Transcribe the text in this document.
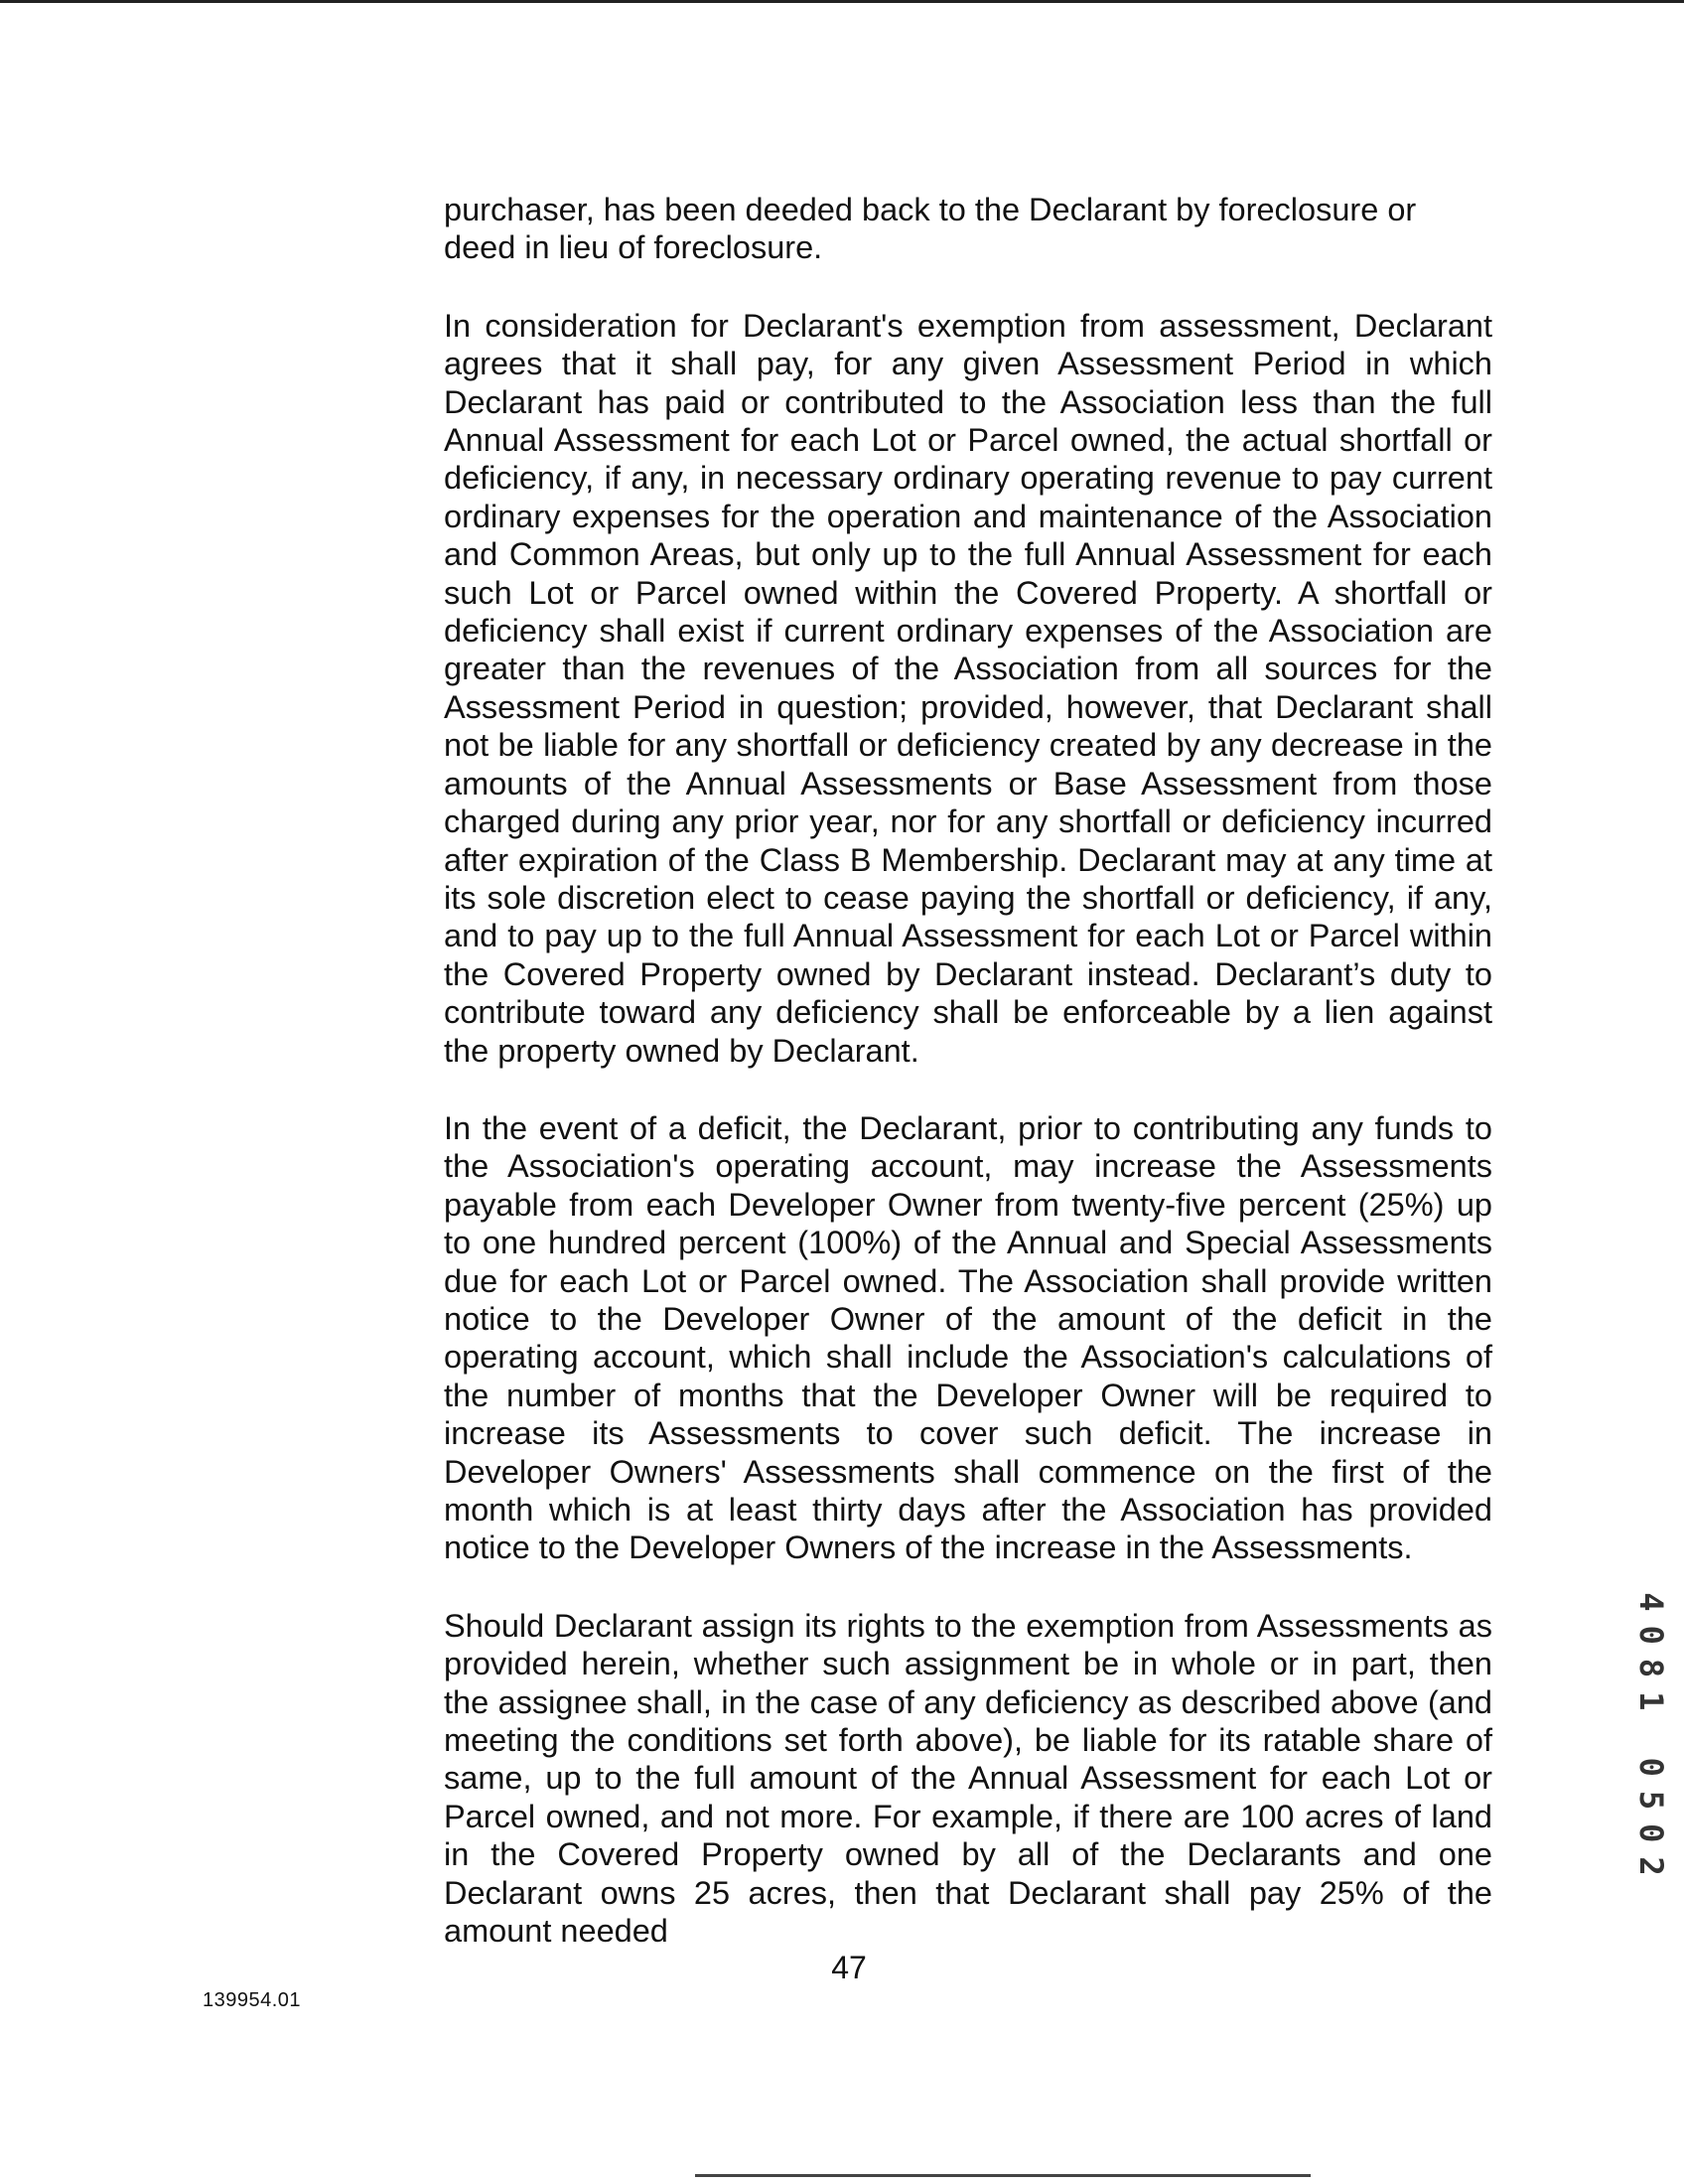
purchaser, has been deeded back to the Declarant by foreclosure or deed in lieu of foreclosure.

In consideration for Declarant's exemption from assessment, Declarant agrees that it shall pay, for any given Assessment Period in which Declarant has paid or contributed to the Association less than the full Annual Assessment for each Lot or Parcel owned, the actual shortfall or deficiency, if any, in necessary ordinary operating revenue to pay current ordinary expenses for the operation and maintenance of the Association and Common Areas, but only up to the full Annual Assessment for each such Lot or Parcel owned within the Covered Property. A shortfall or deficiency shall exist if current ordinary expenses of the Association are greater than the revenues of the Association from all sources for the Assessment Period in question; provided, however, that Declarant shall not be liable for any shortfall or deficiency created by any decrease in the amounts of the Annual Assessments or Base Assessment from those charged during any prior year, nor for any shortfall or deficiency incurred after expiration of the Class B Membership. Declarant may at any time at its sole discretion elect to cease paying the shortfall or deficiency, if any, and to pay up to the full Annual Assessment for each Lot or Parcel within the Covered Property owned by Declarant instead. Declarant’s duty to contribute toward any deficiency shall be enforceable by a lien against the property owned by Declarant.

In the event of a deficit, the Declarant, prior to contributing any funds to the Association's operating account, may increase the Assessments payable from each Developer Owner from twenty-five percent (25%) up to one hundred percent (100%) of the Annual and Special Assessments due for each Lot or Parcel owned. The Association shall provide written notice to the Developer Owner of the amount of the deficit in the operating account, which shall include the Association's calculations of the number of months that the Developer Owner will be required to increase its Assessments to cover such deficit. The increase in Developer Owners' Assessments shall commence on the first of the month which is at least thirty days after the Association has provided notice to the Developer Owners of the increase in the Assessments.

Should Declarant assign its rights to the exemption from Assessments as provided herein, whether such assignment be in whole or in part, then the assignee shall, in the case of any deficiency as described above (and meeting the conditions set forth above), be liable for its ratable share of same, up to the full amount of the Annual Assessment for each Lot or Parcel owned, and not more. For example, if there are 100 acres of land in the Covered Property owned by all of the Declarants and one Declarant owns 25 acres, then that Declarant shall pay 25% of the amount needed

4081 0502
47
139954.01
